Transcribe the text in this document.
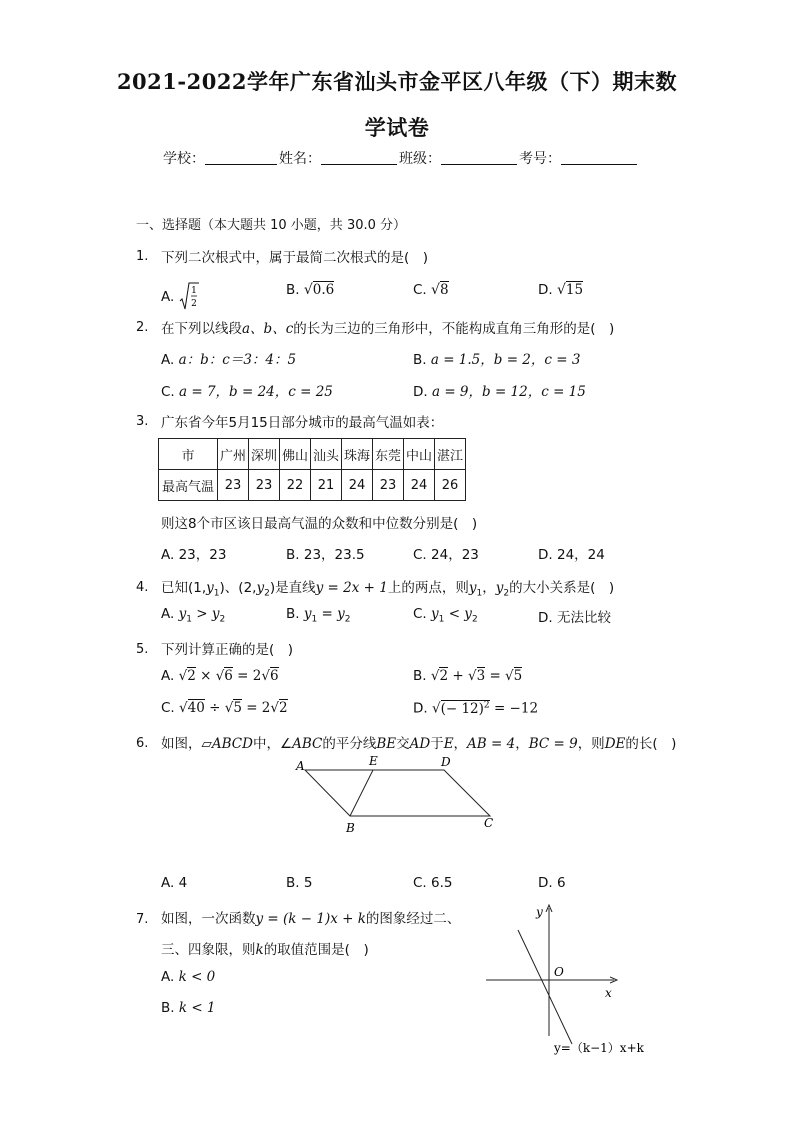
2021-2022学年广东省汕头市金平区八年级（下）期末数
学试卷
学校：	姓名：	班级：	考号：
一、选择题（本大题共 10 小题，共 30.0 分）
1. 下列二次根式中，属于最简二次根式的是(　)
A. 1
2
B. √0.6	C. √8	D. √15
2. 在下列以线段a、b、c的长为三边的三角形中，不能构成直角三角形的是(　)
A. a：b：c＝3：4：5	B. a = 1.5，b = 2，c = 3
C. a = 7，b = 24，c = 25	D. a = 9，b = 12，c = 15
3. 广东省今年5月15日部分城市的最高气温如表：
市	广州	深圳	佛山	汕头	珠海	东莞	中山	湛江
最高气温	23	23	22	21	24	23	24	26
则这8个市区该日最高气温的众数和中位数分别是(　)
A. 23，23	B. 23，23.5	C. 24，23	D. 24，24
4. 已知$(1,y_1)$、$(2,y_2)$是直线y = 2x + 1上的两点，则$y_1$，$y_2$的大小关系是(　)
A. $y_1 > y_2$	B. $y_1 = y_2$	C. $y_1 < y_2$	D. 无法比较
5. 下列计算正确的是(　)
A. √2 × √6 = 2√6	B. √2 + √3 = √5
C. √40 ÷ √5 = 2√2	D. √(− 12)$^2$ = −12
6. 如图，▱ABCD中，∠ABC的平分线BE交AD于E，AB = 4，BC = 9，则DE的长(　)
A	E	D
B	C
A. 4	B. 5	C. 6.5	D. 6
7. 如图，一次函数y = (k − 1)x + k的图象经过二、
三、四象限，则k的取值范围是(　)
A. k < 0
B. k < 1
y
x
O
y=（k−1）x+k
